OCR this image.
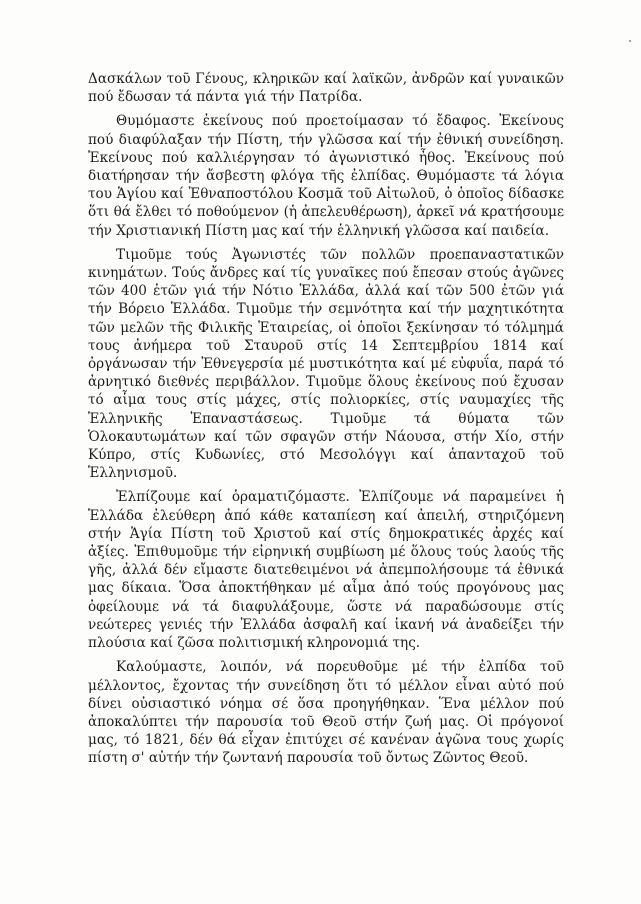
Δασκάλων τοῦ Γένους, κληρικῶν καί λαϊκῶν, ἀνδρῶν καί γυναικῶν πού ἔδωσαν τά πάντα γιά τήν Πατρίδα.

Θυμόμαστε ἐκείνους πού προετοίμασαν τό ἔδαφος. Ἐκείνους πού διαφύλαξαν τήν Πίστη, τήν γλῶσσα καί τήν ἐθνική συνείδηση. Ἐκείνους πού καλλιέργησαν τό ἀγωνιστικό ἦθος. Ἐκείνους πού διατήρησαν τήν ἄσβεστη φλόγα τῆς ἐλπίδας. Θυμόμαστε τά λόγια του Ἁγίου καί Ἐθναποστόλου Κοσμᾶ τοῦ Αἰτωλοῦ, ὁ ὁποῖος δίδασκε ὅτι θά ἔλθει τό ποθούμενον (ἡ ἀπελευθέρωση), ἀρκεῖ νά κρατήσουμε τήν Χριστιανική Πίστη μας καί τήν ἑλληνική γλῶσσα καί παιδεία.

Τιμοῦμε τούς Ἀγωνιστές τῶν πολλῶν προεπαναστατικῶν κινημάτων. Τούς ἄνδρες καί τίς γυναῖκες πού ἔπεσαν στούς ἀγῶνες τῶν 400 ἐτῶν γιά τήν Νότιο Ἑλλάδα, ἀλλά καί τῶν 500 ἐτῶν γιά τήν Βόρειο Ἑλλάδα. Τιμοῦμε τήν σεμνότητα καί τήν μαχητικότητα τῶν μελῶν τῆς Φιλικῆς Ἑταιρείας, οἱ ὁποῖοι ξεκίνησαν τό τόλμημά τους ἀνήμερα τοῦ Σταυροῦ στίς 14 Σεπτεμβρίου 1814 καί ὀργάνωσαν τήν Ἐθνεγερσία μέ μυστικότητα καί μέ εὐφυΐα, παρά τό ἀρνητικό διεθνές περιβάλλον. Τιμοῦμε ὅλους ἐκείνους πού ἔχυσαν τό αἷμα τους στίς μάχες, στίς πολιορκίες, στίς ναυμαχίες τῆς Ἑλληνικῆς Ἐπαναστάσεως. Τιμοῦμε τά θύματα τῶν Ὁλοκαυτωμάτων καί τῶν σφαγῶν στήν Νάουσα, στήν Χίο, στήν Κύπρο, στίς Κυδωνίες, στό Μεσολόγγι καί ἁπανταχοῦ τοῦ Ἑλληνισμοῦ.

Ἐλπίζουμε καί ὁραματιζόμαστε. Ἐλπίζουμε νά παραμείνει ἡ Ἑλλάδα ἐλεύθερη ἀπό κάθε καταπίεση καί ἀπειλή, στηριζόμενη στήν Ἁγία Πίστη τοῦ Χριστοῦ καί στίς δημοκρατικές ἀρχές καί ἀξίες. Ἐπιθυμοῦμε τήν εἰρηνική συμβίωση μέ ὅλους τούς λαούς τῆς γῆς, ἀλλά δέν εἴμαστε διατεθειμένοι νά ἀπεμπολήσουμε τά ἐθνικά μας δίκαια. Ὅσα ἀποκτήθηκαν μέ αἷμα ἀπό τούς προγόνους μας ὀφείλουμε νά τά διαφυλάξουμε, ὥστε νά παραδώσουμε στίς νεώτερες γενιές τήν Ἑλλάδα ἀσφαλῆ καί ἱκανή νά ἀναδείξει τήν πλούσια καί ζῶσα πολιτισμική κληρονομιά της.

Καλούμαστε, λοιπόν, νά πορευθοῦμε μέ τήν ἐλπίδα τοῦ μέλλοντος, ἔχοντας τήν συνείδηση ὅτι τό μέλλον εἶναι αὐτό πού δίνει οὐσιαστικό νόημα σέ ὅσα προηγήθηκαν. Ἕνα μέλλον πού ἀποκαλύπτει τήν παρουσία τοῦ Θεοῦ στήν ζωή μας. Οἱ πρόγονοί μας, τό 1821, δέν θά εἶχαν ἐπιτύχει σέ κανέναν ἀγῶνα τους χωρίς πίστη σ' αὐτήν τήν ζωντανή παρουσία τοῦ ὄντως Ζῶντος Θεοῦ.
